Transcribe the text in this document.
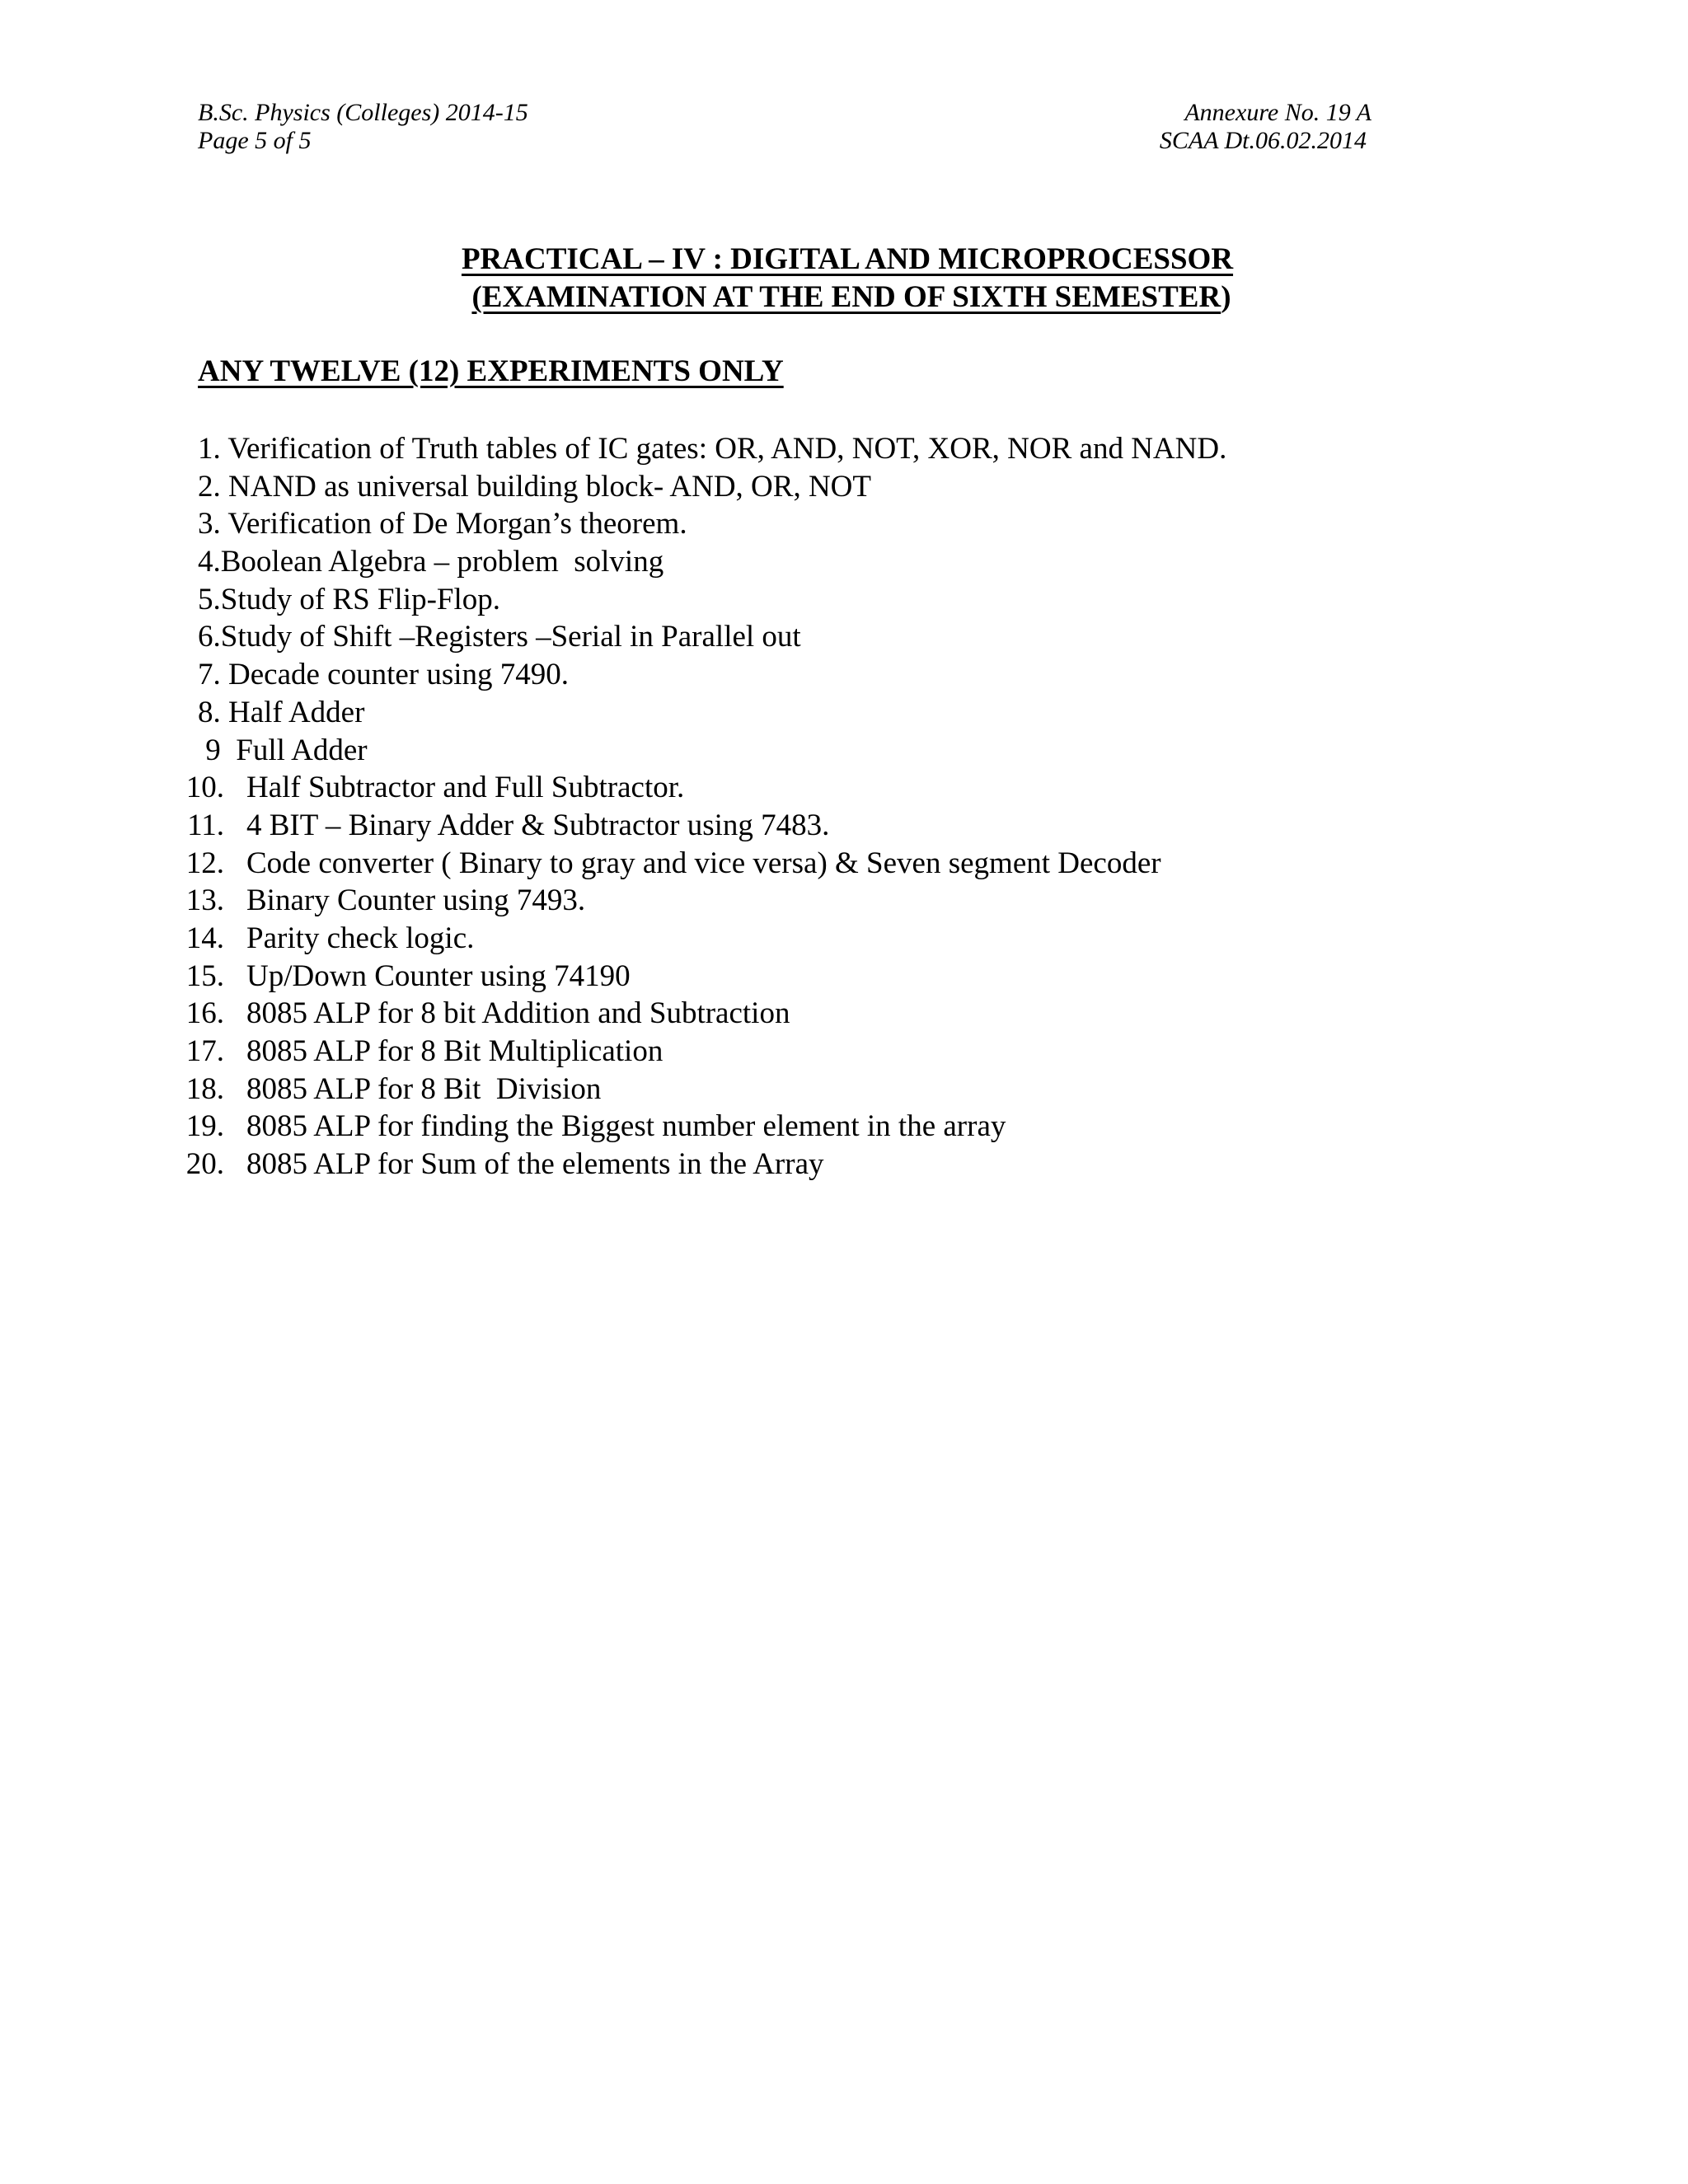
B.Sc. Physics (Colleges) 2014-15
Page 5 of 5
Annexure No. 19 A
SCAA Dt.06.02.2014
PRACTICAL – IV : DIGITAL AND MICROPROCESSOR
(EXAMINATION AT THE END OF SIXTH SEMESTER)
ANY TWELVE (12) EXPERIMENTS ONLY
1. Verification of Truth tables of IC gates: OR, AND, NOT, XOR, NOR and NAND.
2. NAND as universal building block- AND, OR, NOT
3. Verification of De Morgan’s theorem.
4.Boolean Algebra – problem  solving
5.Study of RS Flip-Flop.
6.Study of Shift –Registers –Serial in Parallel out
7. Decade counter using 7490.
8. Half Adder
9  Full Adder
10. Half Subtractor and Full Subtractor.
11. 4 BIT – Binary Adder & Subtractor using 7483.
12. Code converter ( Binary to gray and vice versa) & Seven segment Decoder
13. Binary Counter using 7493.
14. Parity check logic.
15. Up/Down Counter using 74190
16. 8085 ALP for 8 bit Addition and Subtraction
17. 8085 ALP for 8 Bit Multiplication
18. 8085 ALP for 8 Bit  Division
19. 8085 ALP for finding the Biggest number element in the array
20. 8085 ALP for Sum of the elements in the Array
